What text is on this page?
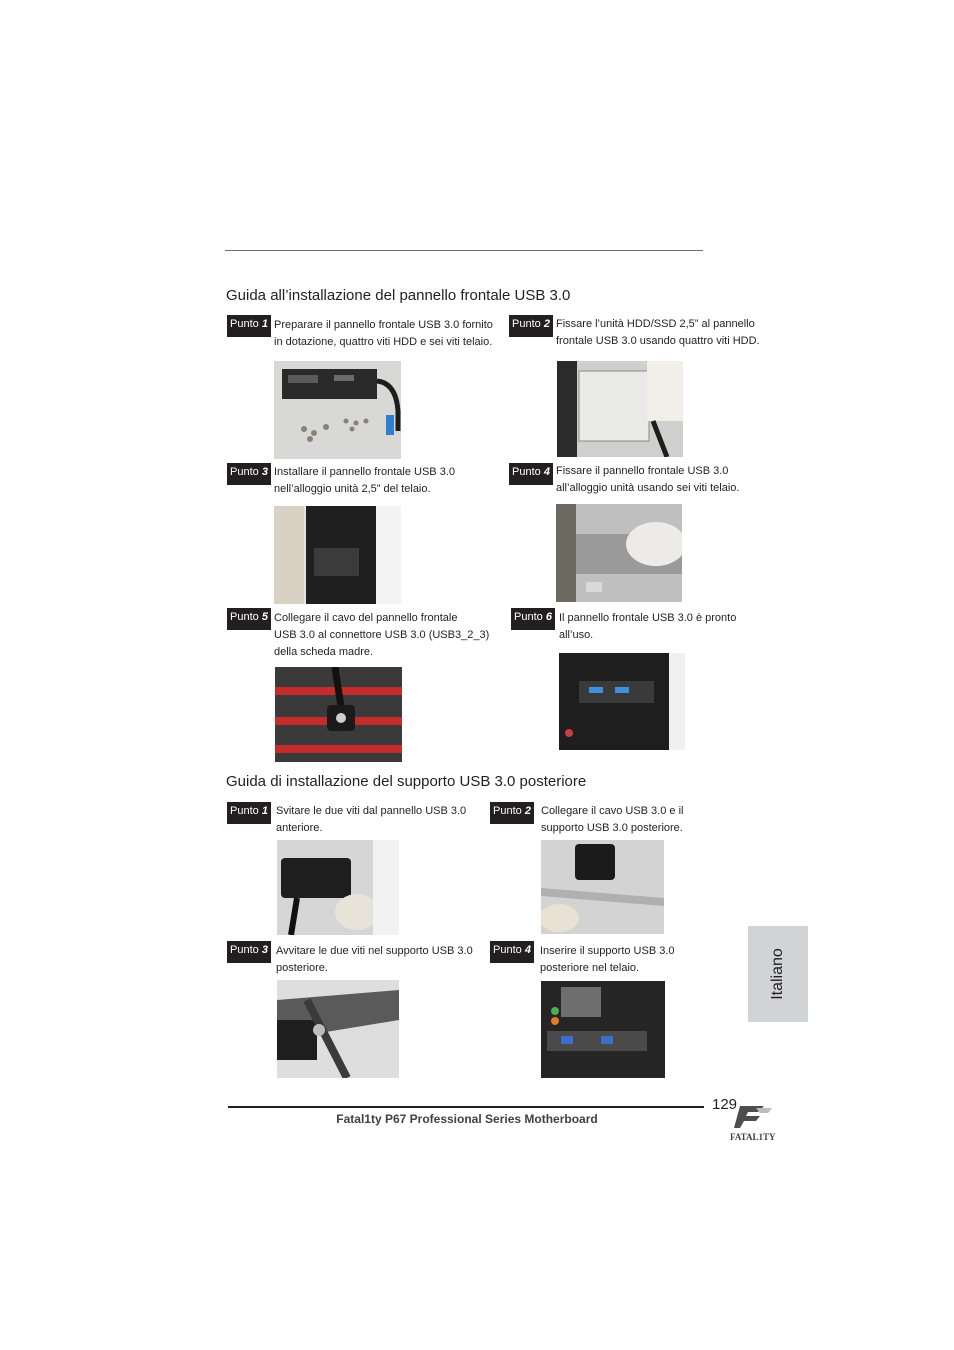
Guida all’installazione del pannello frontale USB 3.0
Punto 1 Preparare il pannello frontale USB 3.0 fornito
in dotazione, quattro viti HDD e sei viti telaio.
Punto 2 Fissare l’unità HDD/SSD 2,5” al pannello
frontale USB 3.0 usando quattro viti HDD.
Punto 3 Installare il pannello frontale USB 3.0
nell’alloggio unità 2,5” del telaio.
Punto 4 Fissare il pannello frontale USB 3.0
all’alloggio unità usando sei viti telaio.
Punto 5 Collegare il cavo del pannello frontale
USB 3.0 al connettore USB 3.0 (USB3_2_3)
della scheda madre.
Punto 6 Il pannello frontale USB 3.0 è pronto
all’uso.
Guida di installazione del supporto USB 3.0 posteriore
Punto 1 Svitare le due viti dal pannello USB 3.0
anteriore.
Punto 2 Collegare il cavo USB 3.0 e il
supporto USB 3.0 posteriore.
Punto 3 Avvitare le due viti nel supporto USB 3.0
posteriore.
Punto 4 Inserire il supporto USB 3.0
posteriore nel telaio.	Italiano
Fatal1ty P67 Professional Series Motherboard
129
FATAL1TY
